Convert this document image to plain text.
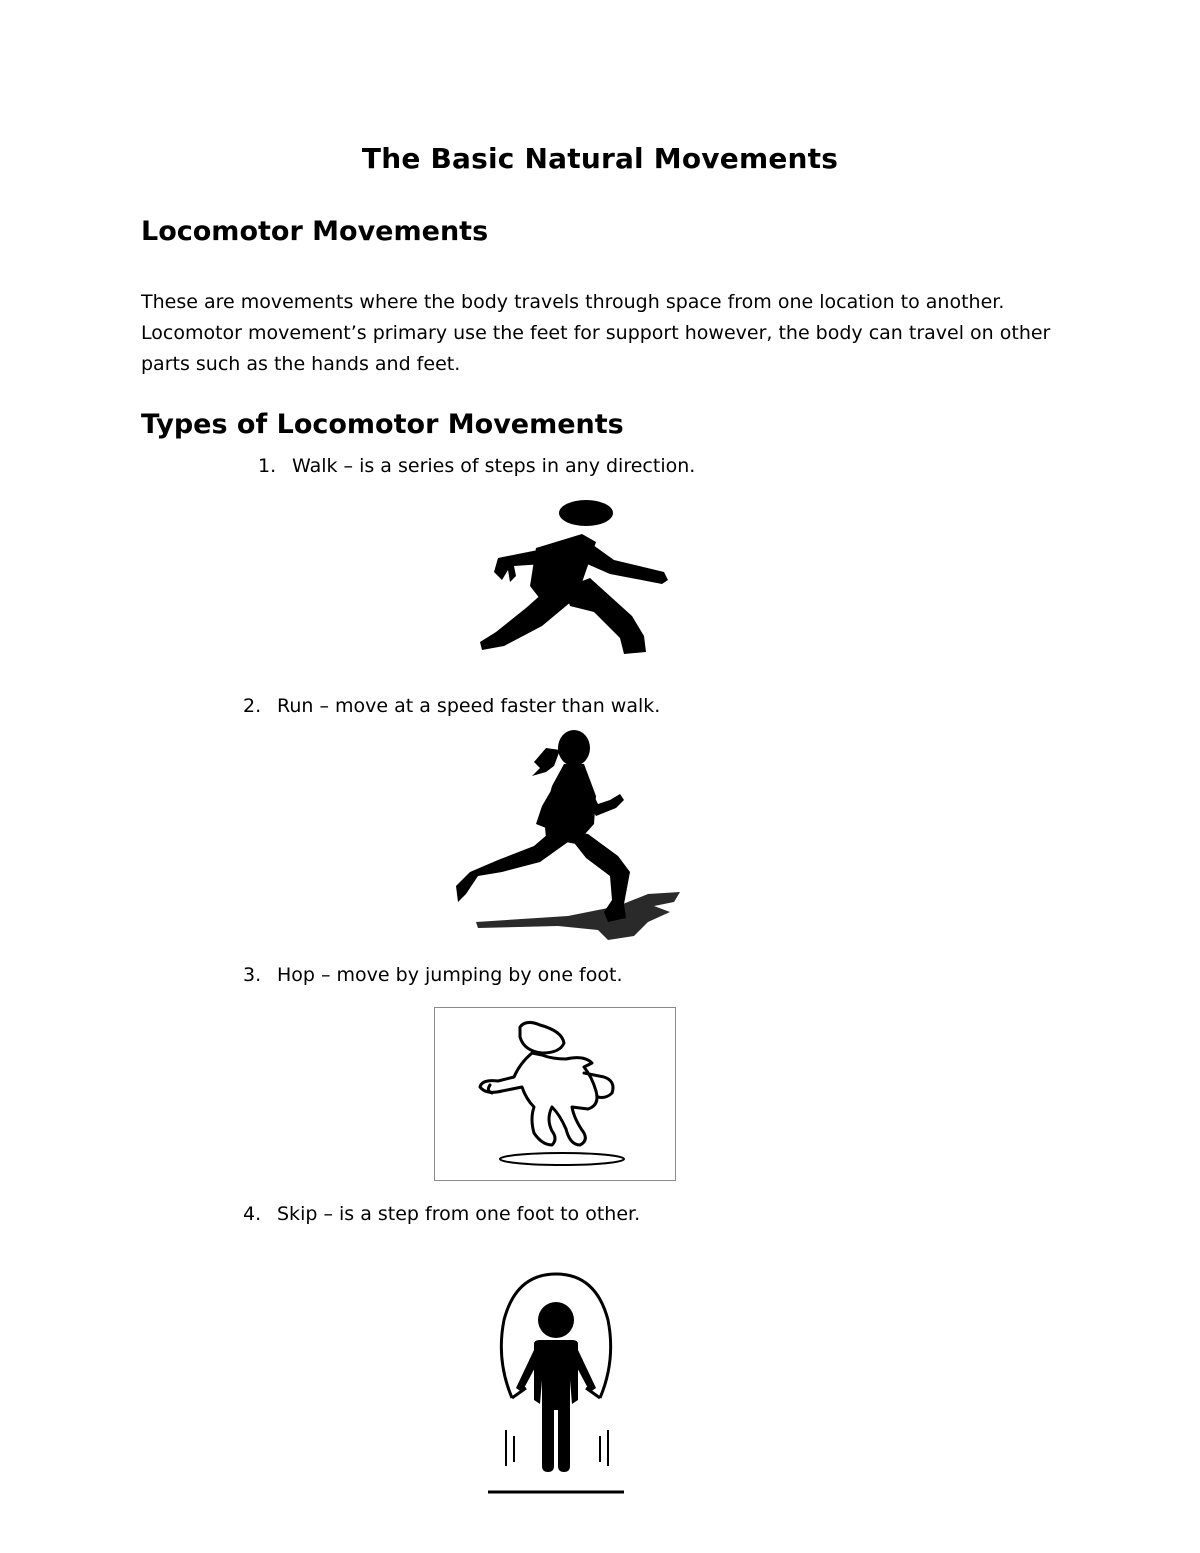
The Basic Natural Movements
Locomotor Movements

These are movements where the body travels through space from one location to another. Locomotor movement’s primary use the feet for support however, the body can travel on other parts such as the hands and feet.

Types of Locomotor Movements
1. Walk – is a series of steps in any direction.
2. Run – move at a speed faster than walk.
3. Hop – move by jumping by one foot.
4. Skip – is a step from one foot to other.
